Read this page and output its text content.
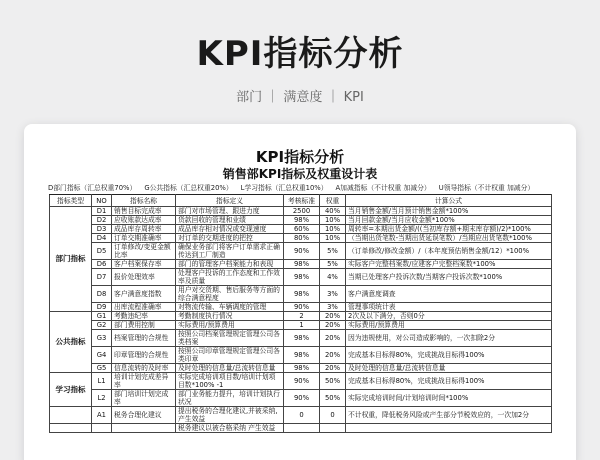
KPI指标分析
部门 ｜ 满意度 ｜ KPI
KPI指标分析
销售部KPI指标及权重设计表
D部门指标（汇总权重70%） G公共指标（汇总权重20%） L学习指标（汇总权重10%） A加减指标（不计权重 加减分） U领导指标（不计权重 加减分）
指标类型	NO	指标名称	指标定义	考核标准	权重	计算公式
部门指标	D1	销售目标完成率	部门对市场管理、跟进力度	2500	40%	当月销售金额/当月预计销售金额*100%
	D2	应收账款达成率	货款回收的管理和业绩	98%	10%	当月回款金额/当月应收金额*100%
	D3	成品库存周转率	成品库存相对情况或变现速度	60%	10%	周转率=本期出货金额/((当初库存额+期末库存额)/2)*100%
	D4	订单交期准确率	对订单的交期进度的把控	80%	10%	（当期出货笔数-当期出货延误笔数）/当期应出货笔数*100%
	D5	订单修改/变更金额比率	确保业务部门将客户订单需求正确传达到工厂制造	90%	5%	（订单修改/修改金额）/（本年度预估销售金额/12）*100%
	D6	客户档案保存率	部门的管理客户档案能力和表现	98%	5%	实际客户完整档案数/应建客户完整档案数*100%
	D7	报价处理效率	处理客户投诉的工作态度和工作效率及质量	98%	4%	当期已处理客户投诉次数/当期客户投诉次数*100%
	D8	客户满意度指数	用户对交货期、售后服务等方面的综合满意程度	98%	3%	客户满意度调查
	D9	出库流程准确率	对物流传输、车辆调度的管理	90%	3%	管理事项统计表
公共指标	G1	考勤违纪率	考勤制度执行情况	2	20%	2次及以下满分，否则0分
	G2	部门费用控制	实际费用/预算费用	1	20%	实际费用/预算费用
	G3	档案管理的合规性	按照公司档案管理规定管理公司各类档案	98%	20%	因为违规使用，对公司造成影响的，一次扣除2分
	G4	印章管理的合规性	按照公司印章管理规定管理公司各类印章	98%	20%	完成基本目标得80%，完成挑战目标得100%
	G5	信息流转的及时率	及时处理的信息量/总流转信息量	98%	20%	及时处理的信息量/总流转信息量
学习指标	L1	培训计划完成差异率	实际完成培训项目数/培训计划项目数*100% -1	90%	50%	完成基本目标得80%，完成挑战目标得100%
	L2	部门培训计划完成率	部门业务能力提升，培训计划执行状况	90%	50%	实际完成培训时间/计划培训时间*100%
	A1	税务合理化建议	提出税务的合理化建议,并被采纳,产生效益	0	0	不计权重，降低税务风险或产生部分节税效应的，一次加2分
			税务建议以被合格采纳 产生效益			
